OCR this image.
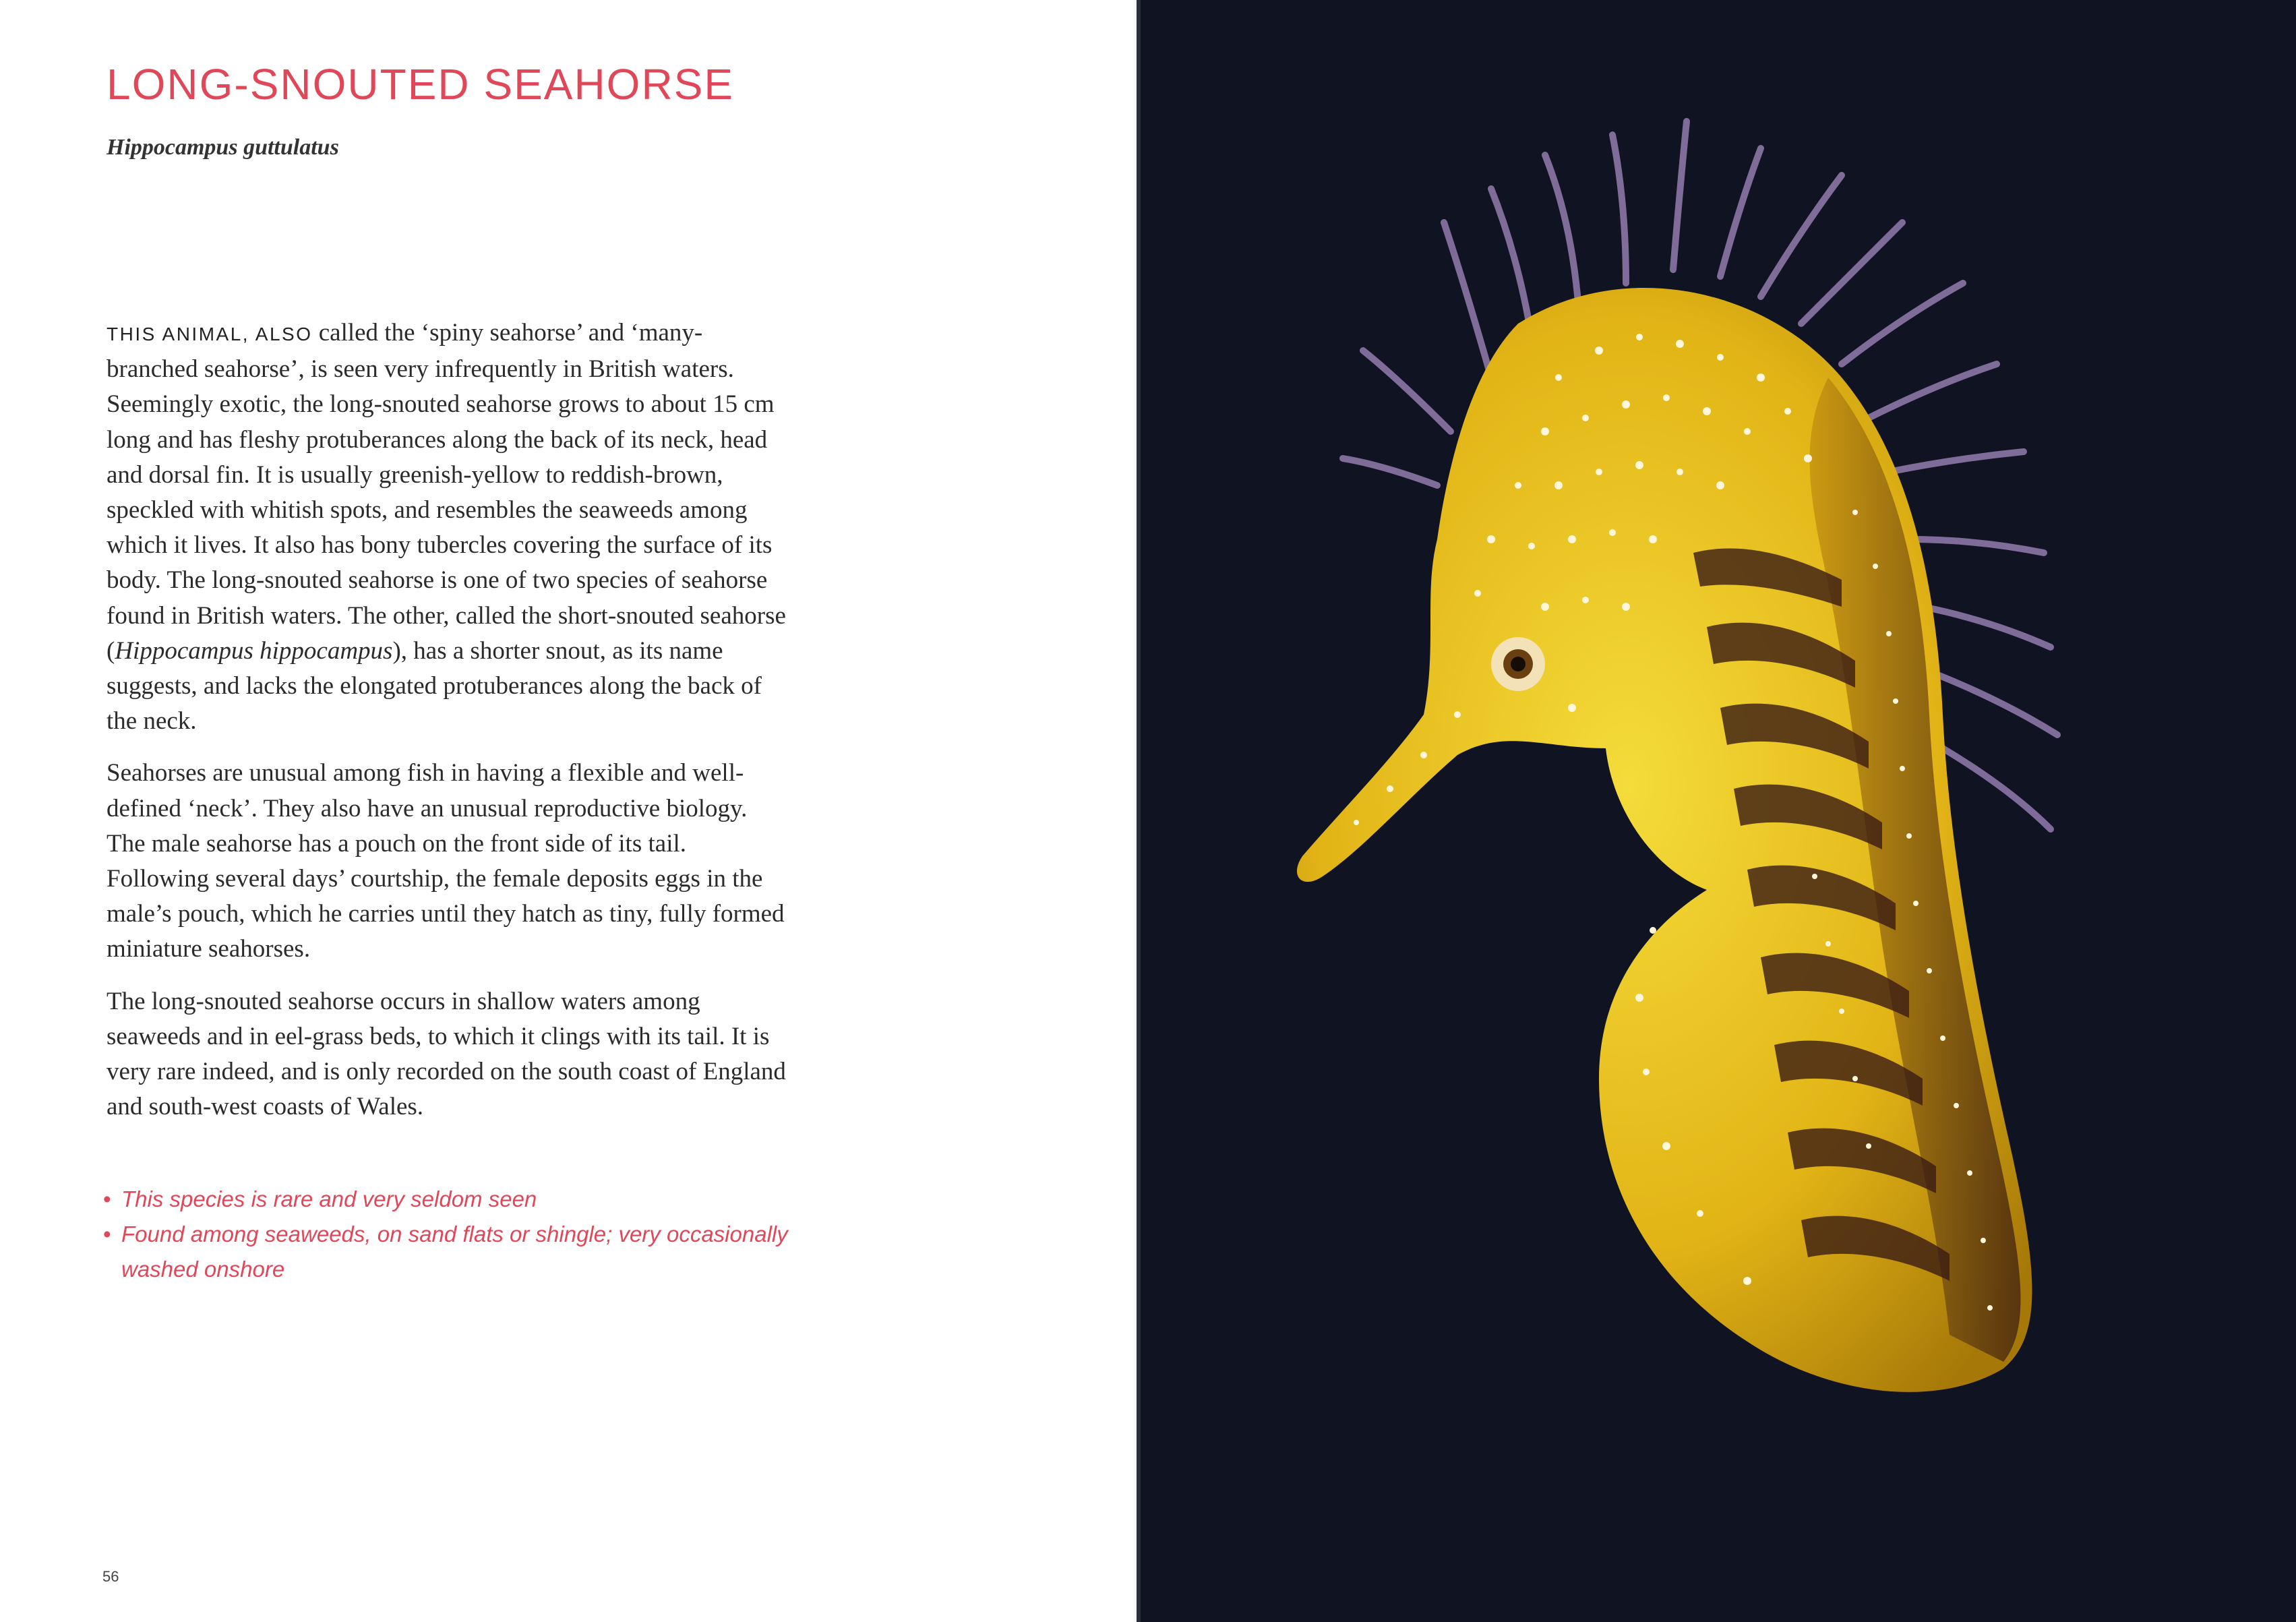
LONG-SNOUTED SEAHORSE
Hippocampus guttulatus

THIS ANIMAL, ALSO called the ‘spiny seahorse’ and ‘many-branched seahorse’, is seen very infrequently in British waters. Seemingly exotic, the long-snouted seahorse grows to about 15 cm long and has fleshy protuberances along the back of its neck, head and dorsal fin. It is usually greenish-yellow to reddish-brown, speckled with whitish spots, and resembles the seaweeds among which it lives. It also has bony tubercles covering the surface of its body. The long-snouted seahorse is one of two species of seahorse found in British waters. The other, called the short-snouted seahorse (Hippocampus hippocampus), has a shorter snout, as its name suggests, and lacks the elongated protuberances along the back of the neck.

Seahorses are unusual among fish in having a flexible and well-defined ‘neck’. They also have an unusual reproductive biology. The male seahorse has a pouch on the front side of its tail. Following several days’ courtship, the female deposits eggs in the male’s pouch, which he carries until they hatch as tiny, fully formed miniature seahorses.

The long-snouted seahorse occurs in shallow waters among seaweeds and in eel-grass beds, to which it clings with its tail. It is very rare indeed, and is only recorded on the south coast of England and south-west coasts of Wales.

• This species is rare and very seldom seen
• Found among seaweeds, on sand flats or shingle; very occasionally washed onshore
56
